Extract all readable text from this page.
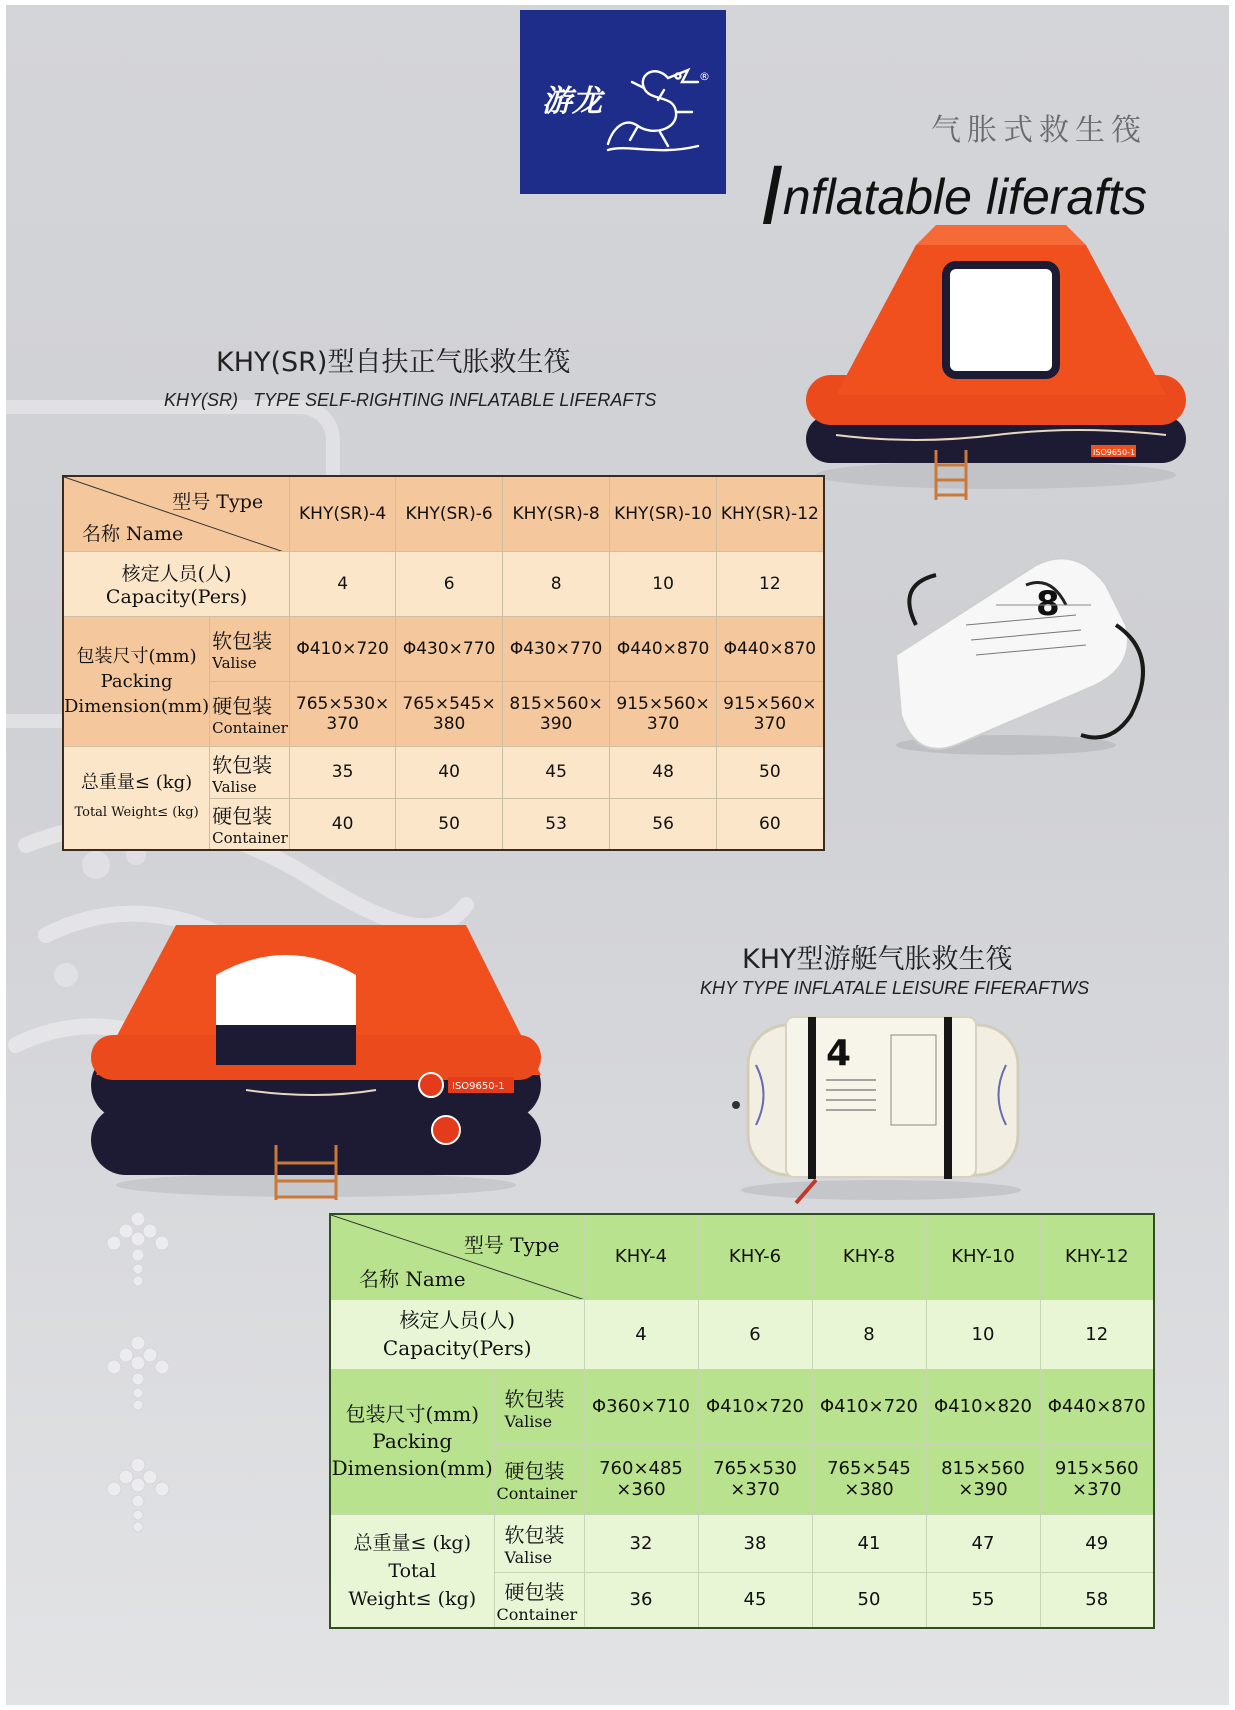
游龙
®
气胀式救生筏
Inflatable liferafts
KHY(SR)型自扶正气胀救生筏
KHY(SR)   TYPE SELF-RIGHTING INFLATABLE LIFERAFTS
ISO9650-1
8
型号 Type
名称 Name		KHY(SR)-4	KHY(SR)-6	KHY(SR)-8	KHY(SR)-10	KHY(SR)-12

核定人员(人)
Capacity(Pers)		4	6	8	10	12

包装尺寸(mm)
Packing
Dimension(mm)	软包装
Valise	Φ410×720	Φ430×770	Φ430×770	Φ440×870	Φ440×870

	硬包装
Container	765×530×
370	765×545×
380	815×560×
390	915×560×
370	915×560×
370

总重量≤ (kg)
Total Weight≤ (kg)	软包装
Valise	35	40	45	48	50

	硬包装
Container	40	50	53	56	60
ISO9650-1
KHY型游艇气胀救生筏
KHY TYPE INFLATALE LEISURE FIFERAFTWS
4
型号 Type
名称 Name		KHY-4	KHY-6	KHY-8	KHY-10	KHY-12

核定人员(人)
Capacity(Pers)		4	6	8	10	12

包装尺寸(mm)
Packing
Dimension(mm)	软包装
Valise	Φ360×710	Φ410×720	Φ410×720	Φ410×820	Φ440×870

	硬包装
Container	760×485
×360	765×530
×370	765×545
×380	815×560
×390	915×560
×370

总重量≤ (kg)
Total
Weight≤ (kg)	软包装
Valise	32	38	41	47	49

	硬包装
Container	36	45	50	55	58
